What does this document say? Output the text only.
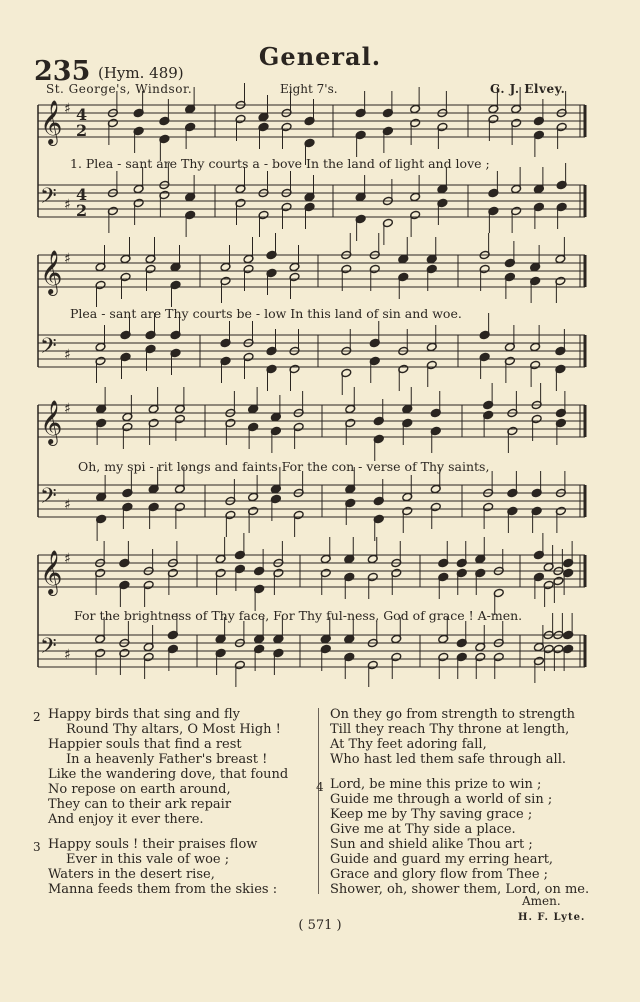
General.
235 (Hym. 489)
St. George's, Windsor.	Eight 7's.	G. J. Elvey.
𝄞 ♯ 4
2
𝄢 ♯
4
2
𝄞 ♯
𝄢 ♯
𝄞 ♯
𝄢 ♯
𝄞 ♯
𝄢 ♯
1. Plea - sant are Thy courts a - bove In the land of light and love ;
Plea - sant are Thy courts be - low In this land of sin and woe.
Oh, my spi - rit longs and faints For the con - verse of Thy saints,
For the brightness of Thy face, For Thy ful-ness, God of grace ! A-men.
2 Happy birds that sing and fly
Round Thy altars, O Most High !
Happier souls that find a rest
In a heavenly Father's breast !
Like the wandering dove, that found
No repose on earth around,
They can to their ark repair
And enjoy it ever there.
3 Happy souls ! their praises flow
Ever in this vale of woe ;
Waters in the desert rise,
Manna feeds them from the skies :
On they go from strength to strength
Till they reach Thy throne at length,
At Thy feet adoring fall,
Who hast led them safe through all.
4 Lord, be mine this prize to win ;
Guide me through a world of sin ;
Keep me by Thy saving grace ;
Give me at Thy side a place.
Sun and shield alike Thou art ;
Guide and guard my erring heart,
Grace and glory flow from Thee ;
Shower, oh, shower them, Lord, on me.
Amen.
H. F. Lyte.
( 571 )
